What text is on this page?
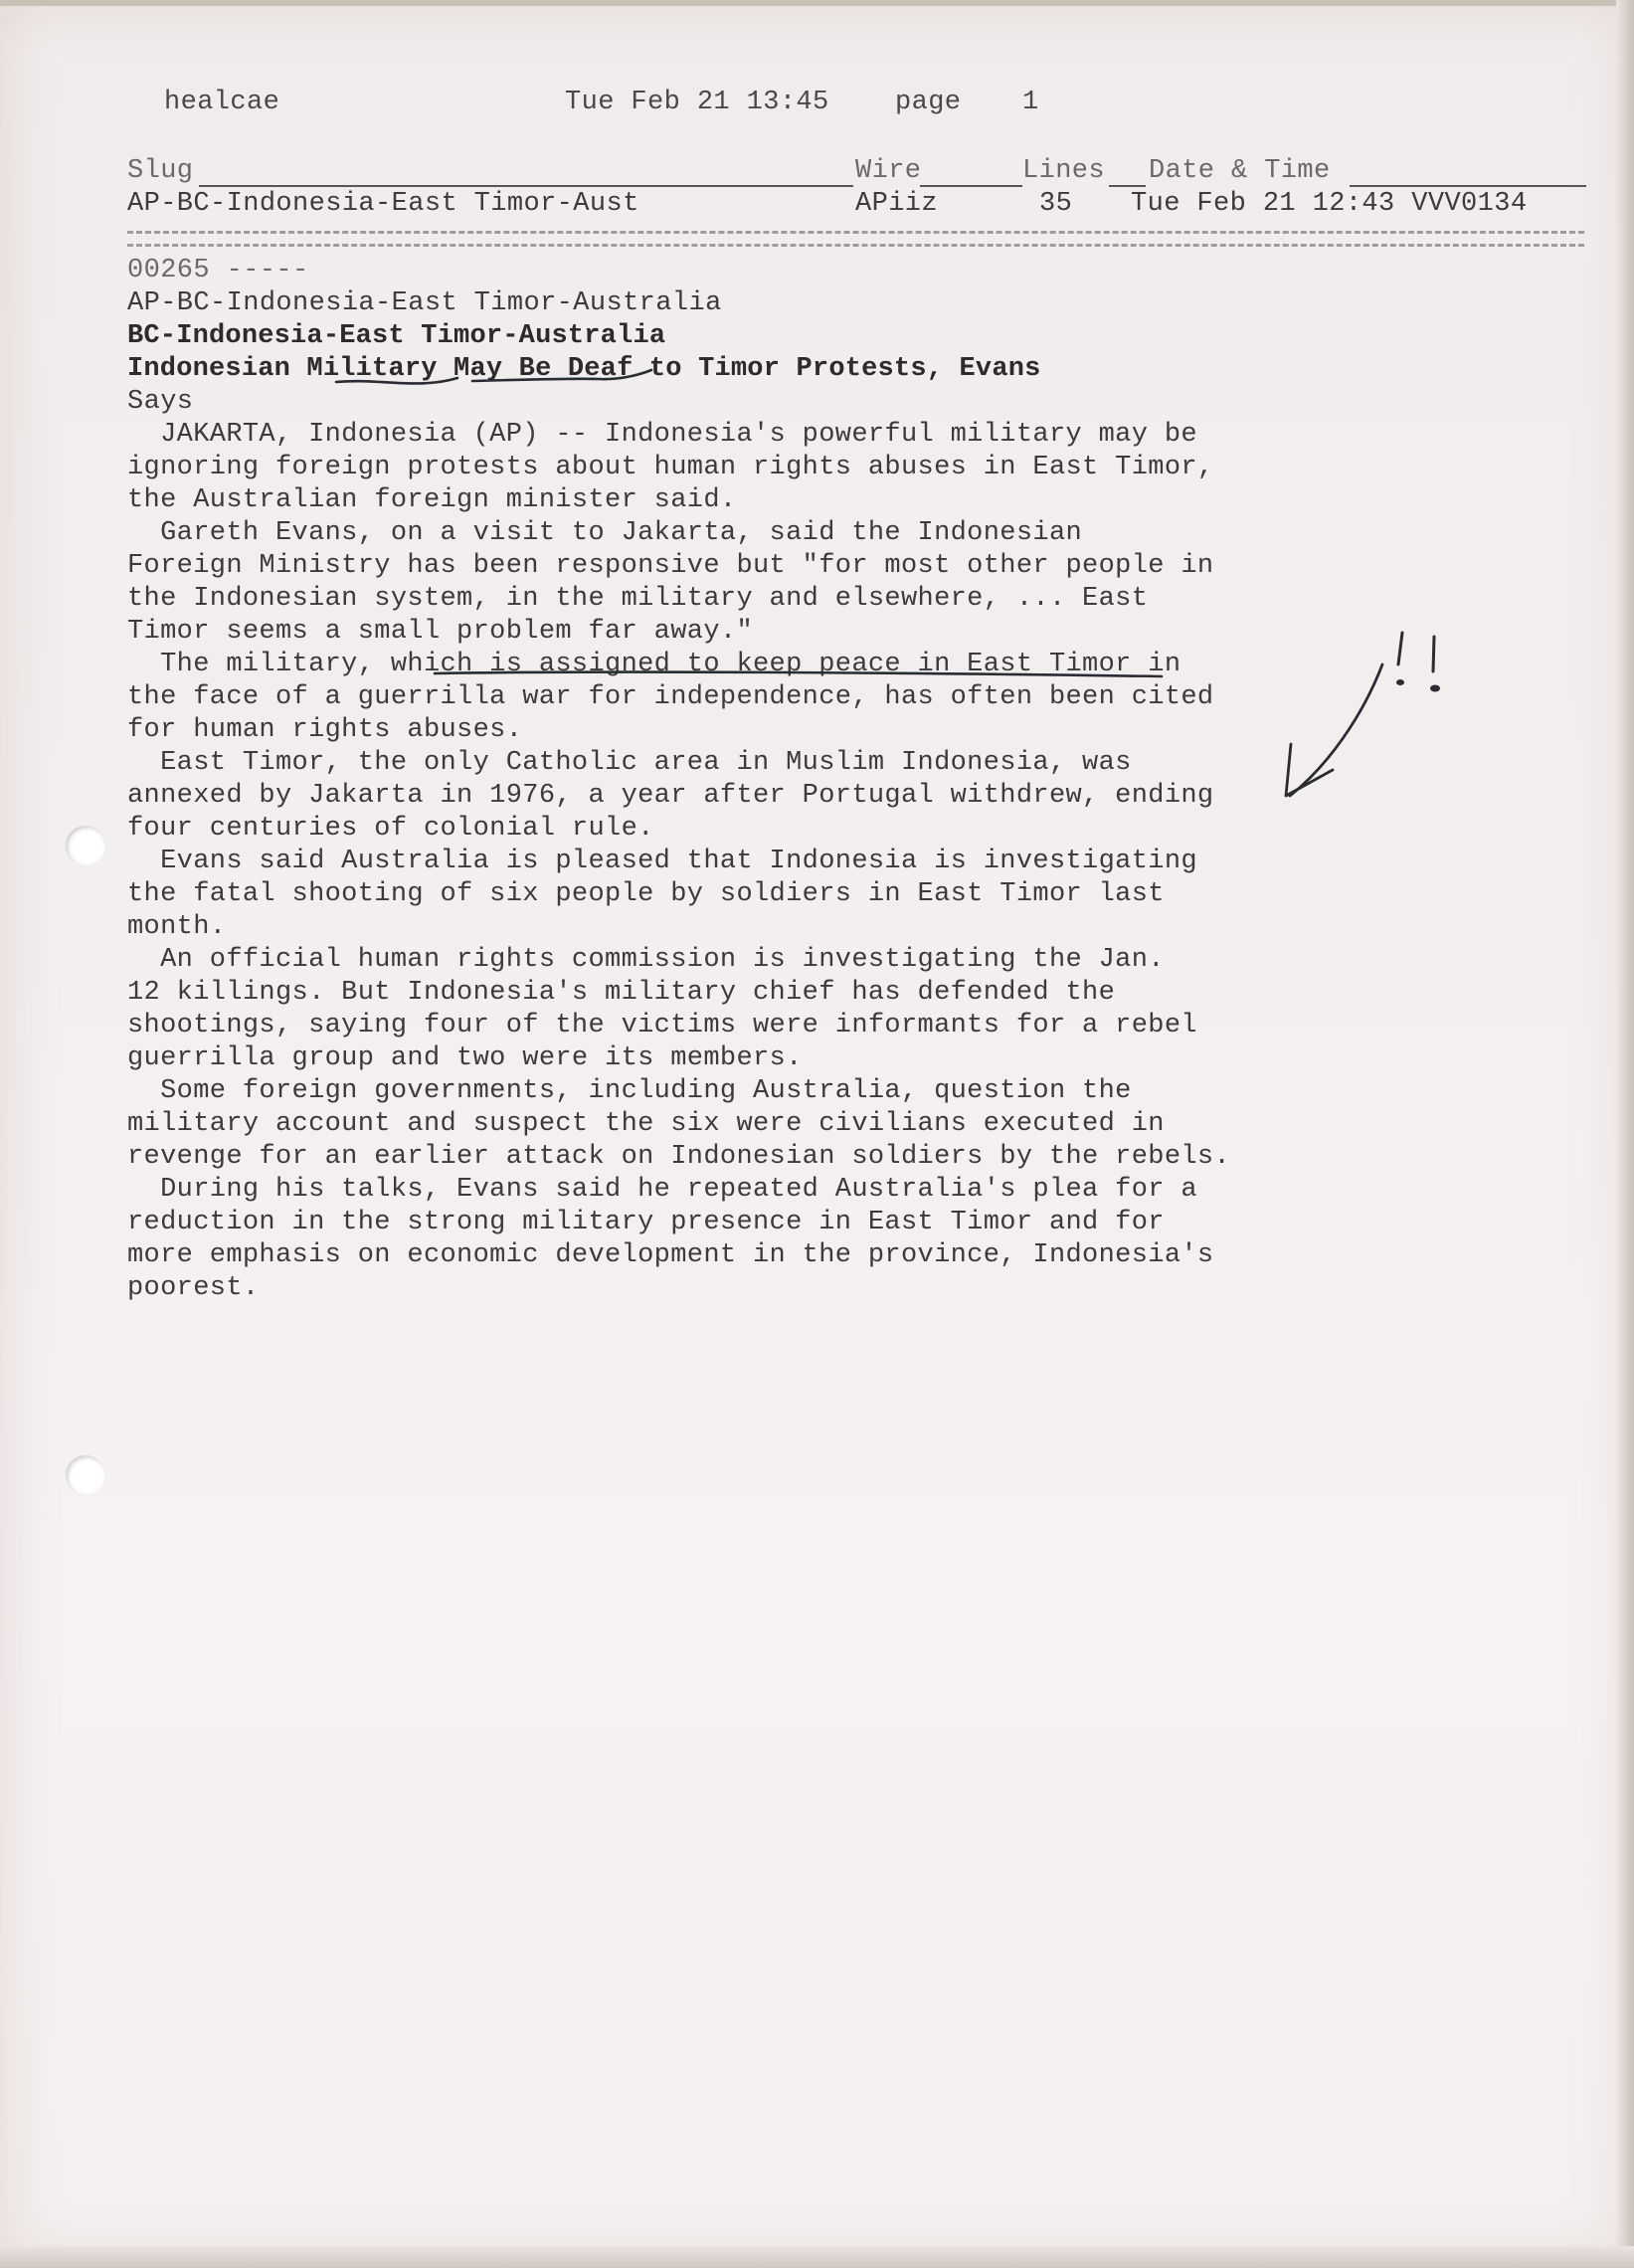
healcae	Tue Feb 21 13:45 page 1
Slug	Wire	Lines Date & Time
AP-BC-Indonesia-East Timor-Aust	APiiz	35 Tue Feb 21 12:43 VVV0134
00265 -----
AP-BC-Indonesia-East Timor-Australia
BC-Indonesia-East Timor-Australia
Indonesian Military May Be Deaf to Timor Protests, Evans
Says
JAKARTA, Indonesia (AP) -- Indonesia's powerful military may be
ignoring foreign protests about human rights abuses in East Timor,
the Australian foreign minister said.
Gareth Evans, on a visit to Jakarta, said the Indonesian
Foreign Ministry has been responsive but "for most other people in
the Indonesian system, in the military and elsewhere, ... East
Timor seems a small problem far away."
The military, which is assigned to keep peace in East Timor in
the face of a guerrilla war for independence, has often been cited
for human rights abuses.
East Timor, the only Catholic area in Muslim Indonesia, was
annexed by Jakarta in 1976, a year after Portugal withdrew, ending
four centuries of colonial rule.
Evans said Australia is pleased that Indonesia is investigating
the fatal shooting of six people by soldiers in East Timor last
month.
An official human rights commission is investigating the Jan.
12 killings. But Indonesia's military chief has defended the
shootings, saying four of the victims were informants for a rebel
guerrilla group and two were its members.
Some foreign governments, including Australia, question the
military account and suspect the six were civilians executed in
revenge for an earlier attack on Indonesian soldiers by the rebels.
During his talks, Evans said he repeated Australia's plea for a
reduction in the strong military presence in East Timor and for
more emphasis on economic development in the province, Indonesia's
poorest.
